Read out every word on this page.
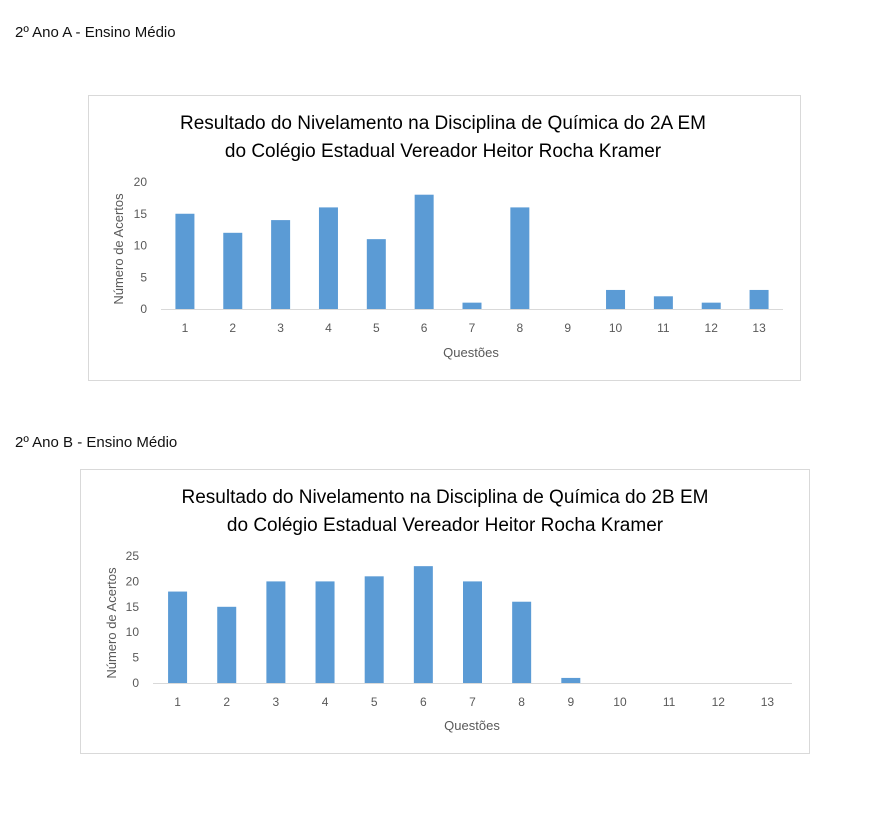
2º Ano A - Ensino Médio
Resultado do Nivelamento na Disciplina de Química do 2A EM
do Colégio Estadual Vereador Heitor Rocha Kramer
Questões
Número de Acertos
0
5
10
15
20
1	2	3	4	5	6	7	8	9	10	11	12	13
2º Ano B - Ensino Médio
Resultado do Nivelamento na Disciplina de Química do 2B EM
do Colégio Estadual Vereador Heitor Rocha Kramer
Questões
Número de Acertos
0
5
10
15
20
25
1	2	3	4	5	6	7	8	9	10	11	12	13
